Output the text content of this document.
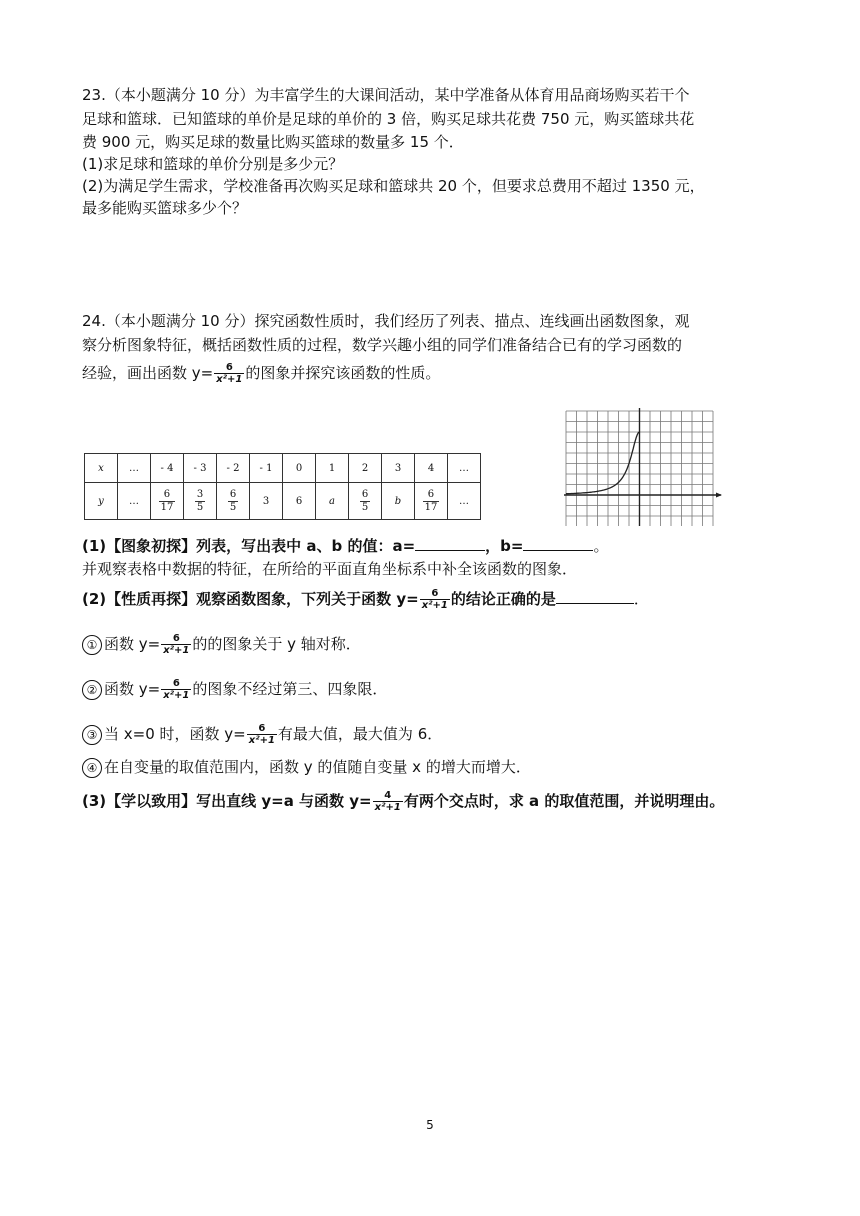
23.（本小题满分 10 分）为丰富学生的大课间活动，某中学准备从体育用品商场购买若干个
足球和篮球．已知篮球的单价是足球的单价的 3 倍，购买足球共花费 750 元，购买篮球共花
费 900 元，购买足球的数量比购买篮球的数量多 15 个．
(1)求足球和篮球的单价分别是多少元？
(2)为满足学生需求，学校准备再次购买足球和篮球共 20 个，但要求总费用不超过 1350 元，
最多能购买篮球多少个？
24.（本小题满分 10 分）探究函数性质时，我们经历了列表、描点、连线画出函数图象，观
察分析图象特征，概括函数性质的过程，数学兴趣小组的同学们准备结合已有的学习函数的
经验，画出函数 $y= \frac{6}{\text{x²+1}}$ 的图象并探究该函数的性质。
x	…	- 4	- 3	- 2	- 1	0	1	2	3	4	…
y	…	$\frac{6}{17}$	$\frac{3}{5}$	$\frac{6}{5}$	3	6	a	$\frac{6}{5}$	b	$\frac{6}{17}$	…
(1)【图象初探】列表，写出表中 a、b 的值：a=	，b=	。
并观察表格中数据的特征，在所给的平面直角坐标系中补全该函数的图象．
(2)【性质再探】观察函数图象，下列关于函数 $y= \frac{6}{\text{x²+1}}$ 的结论正确的是	．
① 函数 $y= \frac{6}{\text{x²+1}}$ 的的图象关于 y 轴对称．
② 函数 $y= \frac{6}{\text{x²+1}}$ 的图象不经过第三、四象限．
③ 当 x=0 时，函数 $y= \frac{6}{\text{x²+1}}$ 有最大值，最大值为 6．
④ 在自变量的取值范围内，函数 y 的值随自变量 x 的增大而增大．
(3)【学以致用】写出直线 y=a 与函数 $y= \frac{4}{\text{x²+1}}$ 有两个交点时，求 a 的取值范围，并说明理由。
5
